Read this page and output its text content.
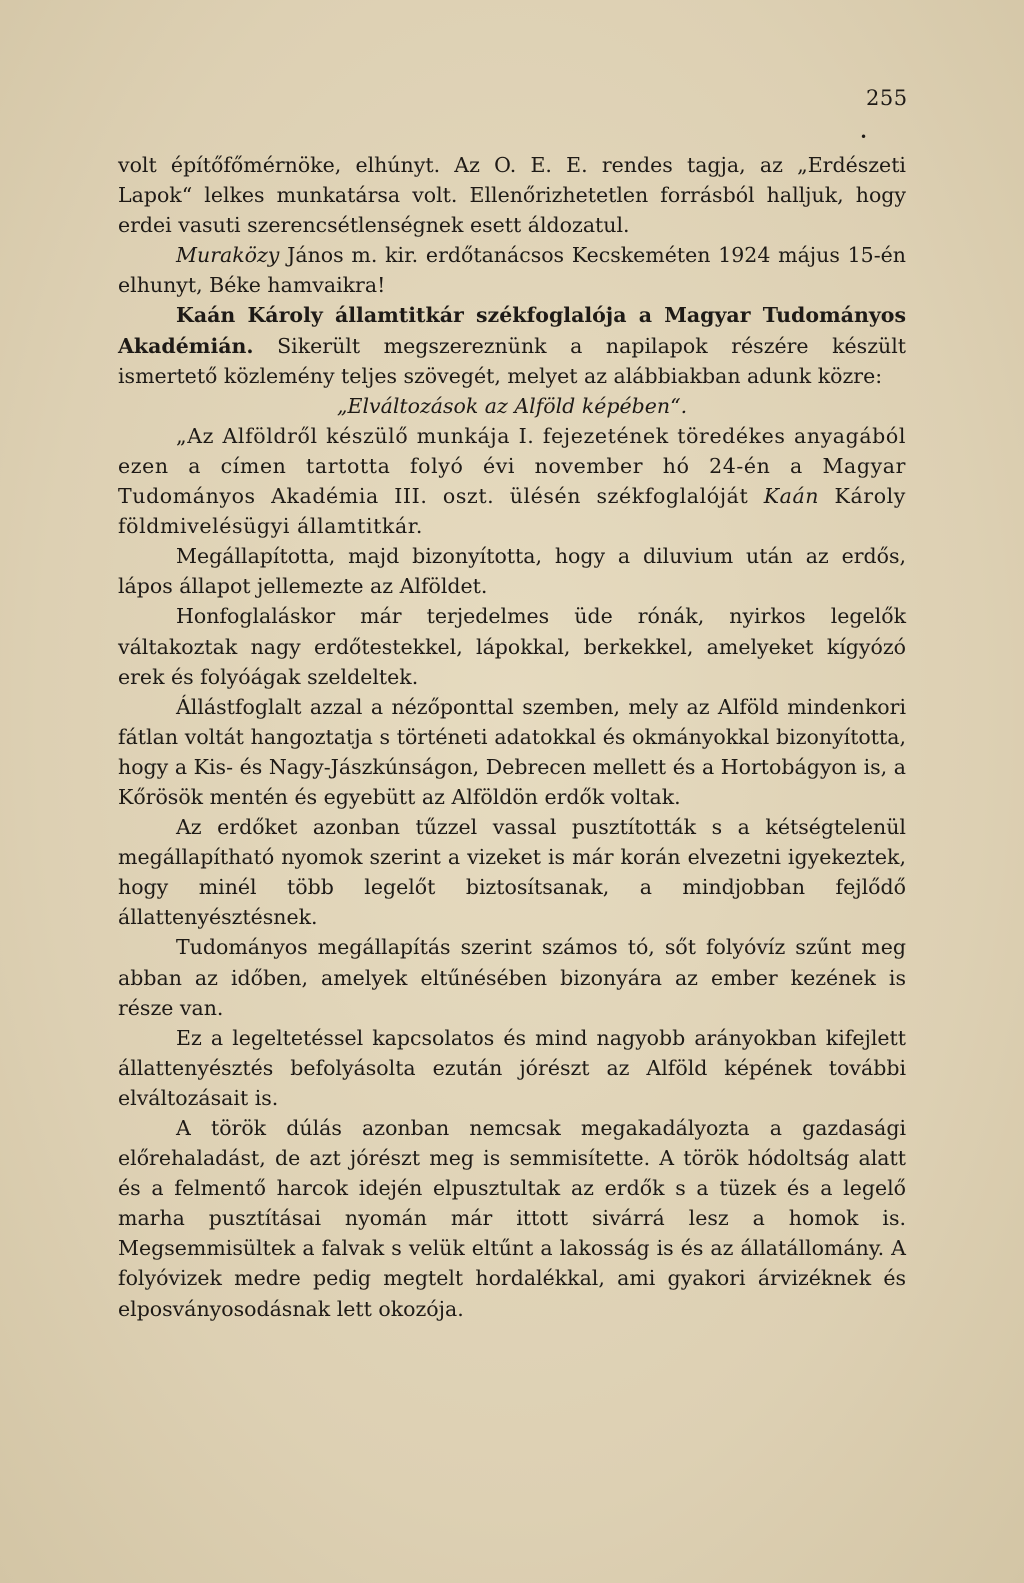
255
•

volt építőfőmérnöke, elhúnyt. Az O. E. E. rendes tagja, az „Erdészeti Lapok“ lelkes munkatársa volt. Ellenőrizhetetlen forrásból halljuk, hogy erdei vasuti szerencsétlenségnek esett áldozatul.

Muraközy János m. kir. erdőtanácsos Kecskeméten 1924 május 15-én elhunyt, Béke hamvaikra!

Kaán Károly államtitkár székfoglalója a Magyar Tudományos Akadémián. Sikerült megszereznünk a napilapok részére készült ismertető közlemény teljes szövegét, melyet az alábbiakban adunk közre:

„Elváltozások az Alföld képében“.

„Az Alföldről készülő munkája I. fejezetének töredékes anyagából ezen a címen tartotta folyó évi november hó 24-én a Magyar Tudományos Akadémia III. oszt. ülésén székfoglalóját Kaán Károly földmivelésügyi államtitkár.

Megállapította, majd bizonyította, hogy a diluvium után az erdős, lápos állapot jellemezte az Alföldet.

Honfoglaláskor már terjedelmes üde rónák, nyirkos legelők váltakoztak nagy erdőtestekkel, lápokkal, berkekkel, amelyeket kígyózó erek és folyóágak szeldeltek.

Állástfoglalt azzal a nézőponttal szemben, mely az Alföld mindenkori fátlan voltát hangoztatja s történeti adatokkal és okmányokkal bizonyította, hogy a Kis- és Nagy-Jászkúnságon, Debrecen mellett és a Hortobágyon is, a Kőrösök mentén és egyebütt az Alföldön erdők voltak.

Az erdőket azonban tűzzel vassal pusztították s a kétségtelenül megállapítható nyomok szerint a vizeket is már korán elvezetni igyekeztek, hogy minél több legelőt biztosítsanak, a mindjobban fejlődő állattenyésztésnek.

Tudományos megállapítás szerint számos tó, sőt folyóvíz szűnt meg abban az időben, amelyek eltűnésében bizonyára az ember kezének is része van.

Ez a legeltetéssel kapcsolatos és mind nagyobb arányokban kifejlett állattenyésztés befolyásolta ezután jórészt az Alföld képének további elváltozásait is.

A török dúlás azonban nemcsak megakadályozta a gazdasági előrehaladást, de azt jórészt meg is semmisítette. A török hódoltság alatt és a felmentő harcok idején elpusztultak az erdők s a tüzek és a legelő marha pusztításai nyomán már ittott sivárrá lesz a homok is. Megsemmisültek a falvak s velük eltűnt a lakosság is és az állatállomány. A folyóvizek medre pedig megtelt hordalékkal, ami gyakori árvizéknek és elposványosodásnak lett okozója.
